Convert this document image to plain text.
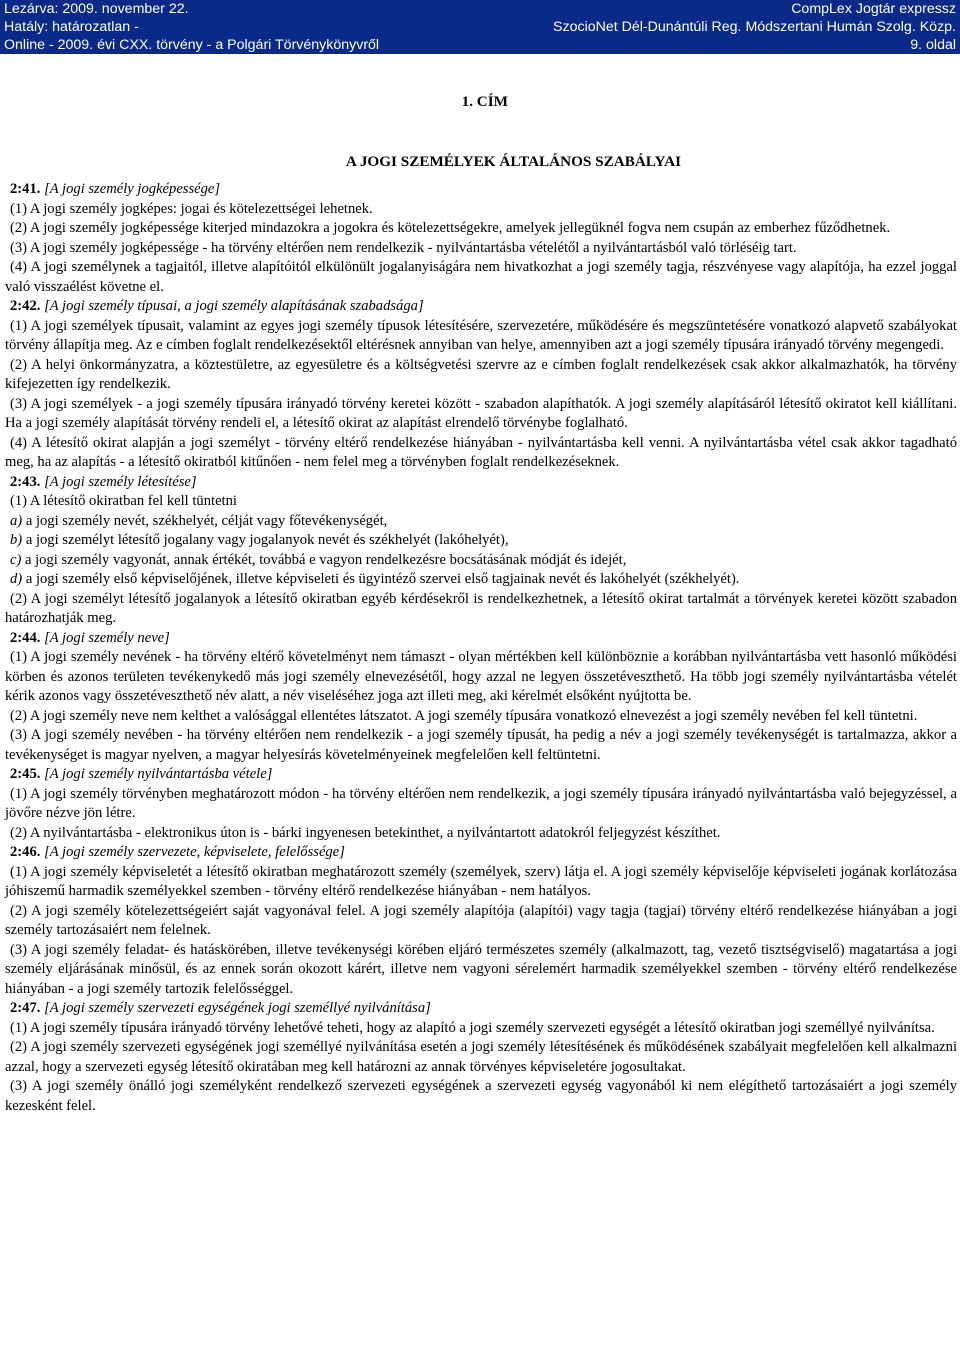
Lezárva: 2009. november 22.
Hatály: határozatlan -
Online - 2009. évi CXX. törvény - a Polgári Törvénykönyvről
CompLex Jogtár expressz
SzocioNet Dél-Dunántúli Reg. Módszertani Humán Szolg. Közp.
9. oldal
1. CÍM
A JOGI SZEMÉLYEK ÁLTALÁNOS SZABÁLYAI

2:41. [A jogi személy jogképessége]

(1) A jogi személy jogképes: jogai és kötelezettségei lehetnek.

(2) A jogi személy jogképessége kiterjed mindazokra a jogokra és kötelezettségekre, amelyek jellegüknél fogva nem csupán az emberhez fűződhetnek.

(3) A jogi személy jogképessége - ha törvény eltérően nem rendelkezik - nyilvántartásba vételétől a nyilvántartásból való törléséig tart.

(4) A jogi személynek a tagjaitól, illetve alapítóitól elkülönült jogalanyiságára nem hivatkozhat a jogi személy tagja, részvényese vagy alapítója, ha ezzel joggal való visszaélést követne el.

2:42. [A jogi személy típusai, a jogi személy alapításának szabadsága]

(1) A jogi személyek típusait, valamint az egyes jogi személy típusok létesítésére, szervezetére, működésére és megszüntetésére vonatkozó alapvető szabályokat törvény állapítja meg. Az e címben foglalt rendelkezésektől eltérésnek annyiban van helye, amennyiben azt a jogi személy típusára irányadó törvény megengedi.

(2) A helyi önkormányzatra, a köztestületre, az egyesületre és a költségvetési szervre az e címben foglalt rendelkezések csak akkor alkalmazhatók, ha törvény kifejezetten így rendelkezik.

(3) A jogi személyek - a jogi személy típusára irányadó törvény keretei között - szabadon alapíthatók. A jogi személy alapításáról létesítő okiratot kell kiállítani. Ha a jogi személy alapítását törvény rendeli el, a létesítő okirat az alapítást elrendelő törvénybe foglalható.

(4) A létesítő okirat alapján a jogi személyt - törvény eltérő rendelkezése hiányában - nyilvántartásba kell venni. A nyilvántartásba vétel csak akkor tagadható meg, ha az alapítás - a létesítő okiratból kitűnően - nem felel meg a törvényben foglalt rendelkezéseknek.

2:43. [A jogi személy létesítése]

(1) A létesítő okiratban fel kell tüntetni

a) a jogi személy nevét, székhelyét, célját vagy főtevékenységét,

b) a jogi személyt létesítő jogalany vagy jogalanyok nevét és székhelyét (lakóhelyét),

c) a jogi személy vagyonát, annak értékét, továbbá e vagyon rendelkezésre bocsátásának módját és idejét,

d) a jogi személy első képviselőjének, illetve képviseleti és ügyintéző szervei első tagjainak nevét és lakóhelyét (székhelyét).

(2) A jogi személyt létesítő jogalanyok a létesítő okiratban egyéb kérdésekről is rendelkezhetnek, a létesítő okirat tartalmát a törvények keretei között szabadon határozhatják meg.

2:44. [A jogi személy neve]

(1) A jogi személy nevének - ha törvény eltérő követelményt nem támaszt - olyan mértékben kell különböznie a korábban nyilvántartásba vett hasonló működési körben és azonos területen tevékenykedő más jogi személy elnevezésétől, hogy azzal ne legyen összetéveszthető. Ha több jogi személy nyilvántartásba vételét kérik azonos vagy összetéveszthető név alatt, a név viseléséhez joga azt illeti meg, aki kérelmét elsőként nyújtotta be.

(2) A jogi személy neve nem kelthet a valósággal ellentétes látszatot. A jogi személy típusára vonatkozó elnevezést a jogi személy nevében fel kell tüntetni.

(3) A jogi személy nevében - ha törvény eltérően nem rendelkezik - a jogi személy típusát, ha pedig a név a jogi személy tevékenységét is tartalmazza, akkor a tevékenységet is magyar nyelven, a magyar helyesírás követelményeinek megfelelően kell feltüntetni.

2:45. [A jogi személy nyilvántartásba vétele]

(1) A jogi személy törvényben meghatározott módon - ha törvény eltérően nem rendelkezik, a jogi személy típusára irányadó nyilvántartásba való bejegyzéssel, a jövőre nézve jön létre.

(2) A nyilvántartásba - elektronikus úton is - bárki ingyenesen betekinthet, a nyilvántartott adatokról feljegyzést készíthet.

2:46. [A jogi személy szervezete, képviselete, felelőssége]

(1) A jogi személy képviseletét a létesítő okiratban meghatározott személy (személyek, szerv) látja el. A jogi személy képviselője képviseleti jogának korlátozása jóhiszemű harmadik személyekkel szemben - törvény eltérő rendelkezése hiányában - nem hatályos.

(2) A jogi személy kötelezettségeiért saját vagyonával felel. A jogi személy alapítója (alapítói) vagy tagja (tagjai) törvény eltérő rendelkezése hiányában a jogi személy tartozásaiért nem felelnek.

(3) A jogi személy feladat- és hatáskörében, illetve tevékenységi körében eljáró természetes személy (alkalmazott, tag, vezető tisztségviselő) magatartása a jogi személy eljárásának minősül, és az ennek során okozott kárért, illetve nem vagyoni sérelemért harmadik személyekkel szemben - törvény eltérő rendelkezése hiányában - a jogi személy tartozik felelősséggel.

2:47. [A jogi személy szervezeti egységének jogi személlyé nyilvánítása]

(1) A jogi személy típusára irányadó törvény lehetővé teheti, hogy az alapító a jogi személy szervezeti egységét a létesítő okiratban jogi személlyé nyilvánítsa.

(2) A jogi személy szervezeti egységének jogi személlyé nyilvánítása esetén a jogi személy létesítésének és működésének szabályait megfelelően kell alkalmazni azzal, hogy a szervezeti egység létesítő okiratában meg kell határozni az annak törvényes képviseletére jogosultakat.

(3) A jogi személy önálló jogi személyként rendelkező szervezeti egységének a szervezeti egység vagyonából ki nem elégíthető tartozásaiért a jogi személy kezesként felel.
